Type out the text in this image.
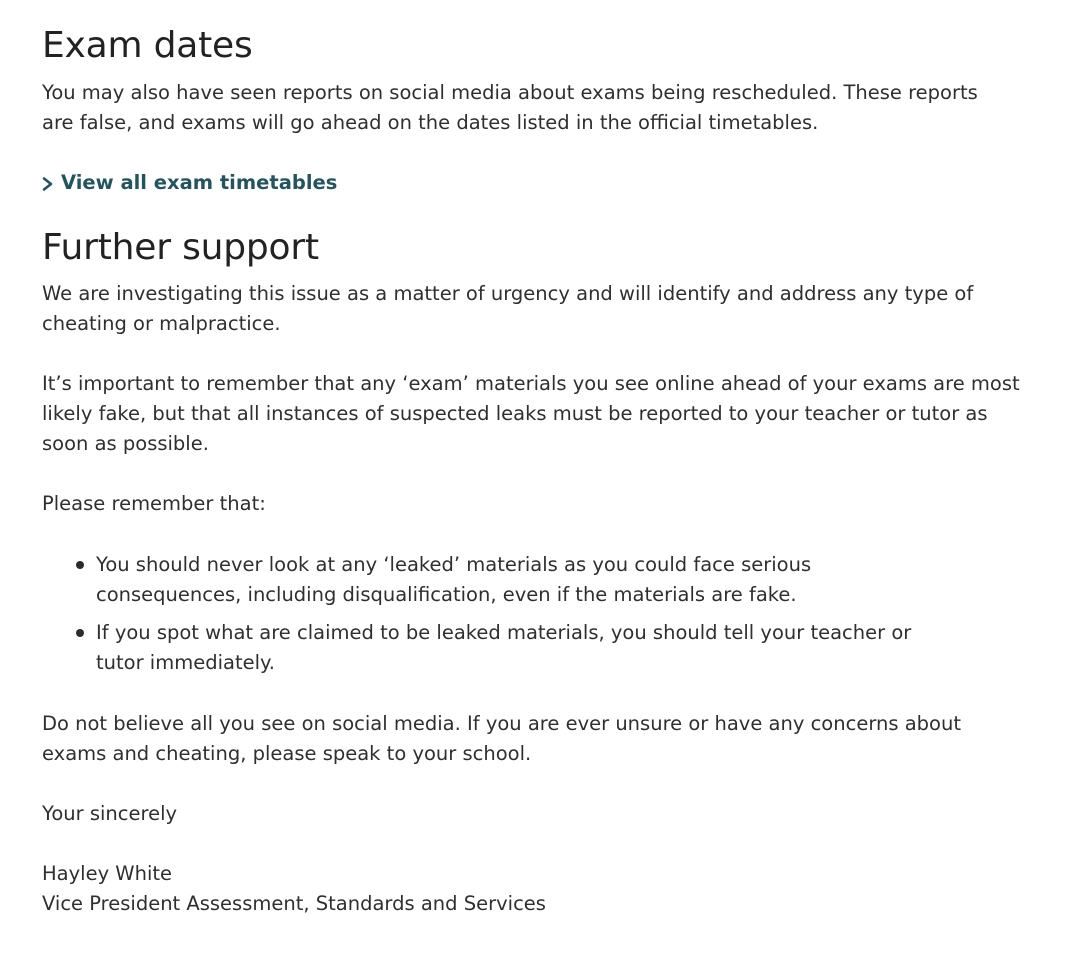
Exam dates

You may also have seen reports on social media about exams being rescheduled. These reports are false, and exams will go ahead on the dates listed in the official timetables.

View all exam timetables
Further support

We are investigating this issue as a matter of urgency and will identify and address any type of cheating or malpractice.

It’s important to remember that any ‘exam’ materials you see online ahead of your exams are most likely fake, but that all instances of suspected leaks must be reported to your teacher or tutor as soon as possible.

Please remember that:

You should never look at any ‘leaked’ materials as you could face serious consequences, including disqualification, even if the materials are fake.
If you spot what are claimed to be leaked materials, you should tell your teacher or tutor immediately.

Do not believe all you see on social media. If you are ever unsure or have any concerns about exams and cheating, please speak to your school.

Your sincerely

Hayley White

Vice President Assessment, Standards and Services
